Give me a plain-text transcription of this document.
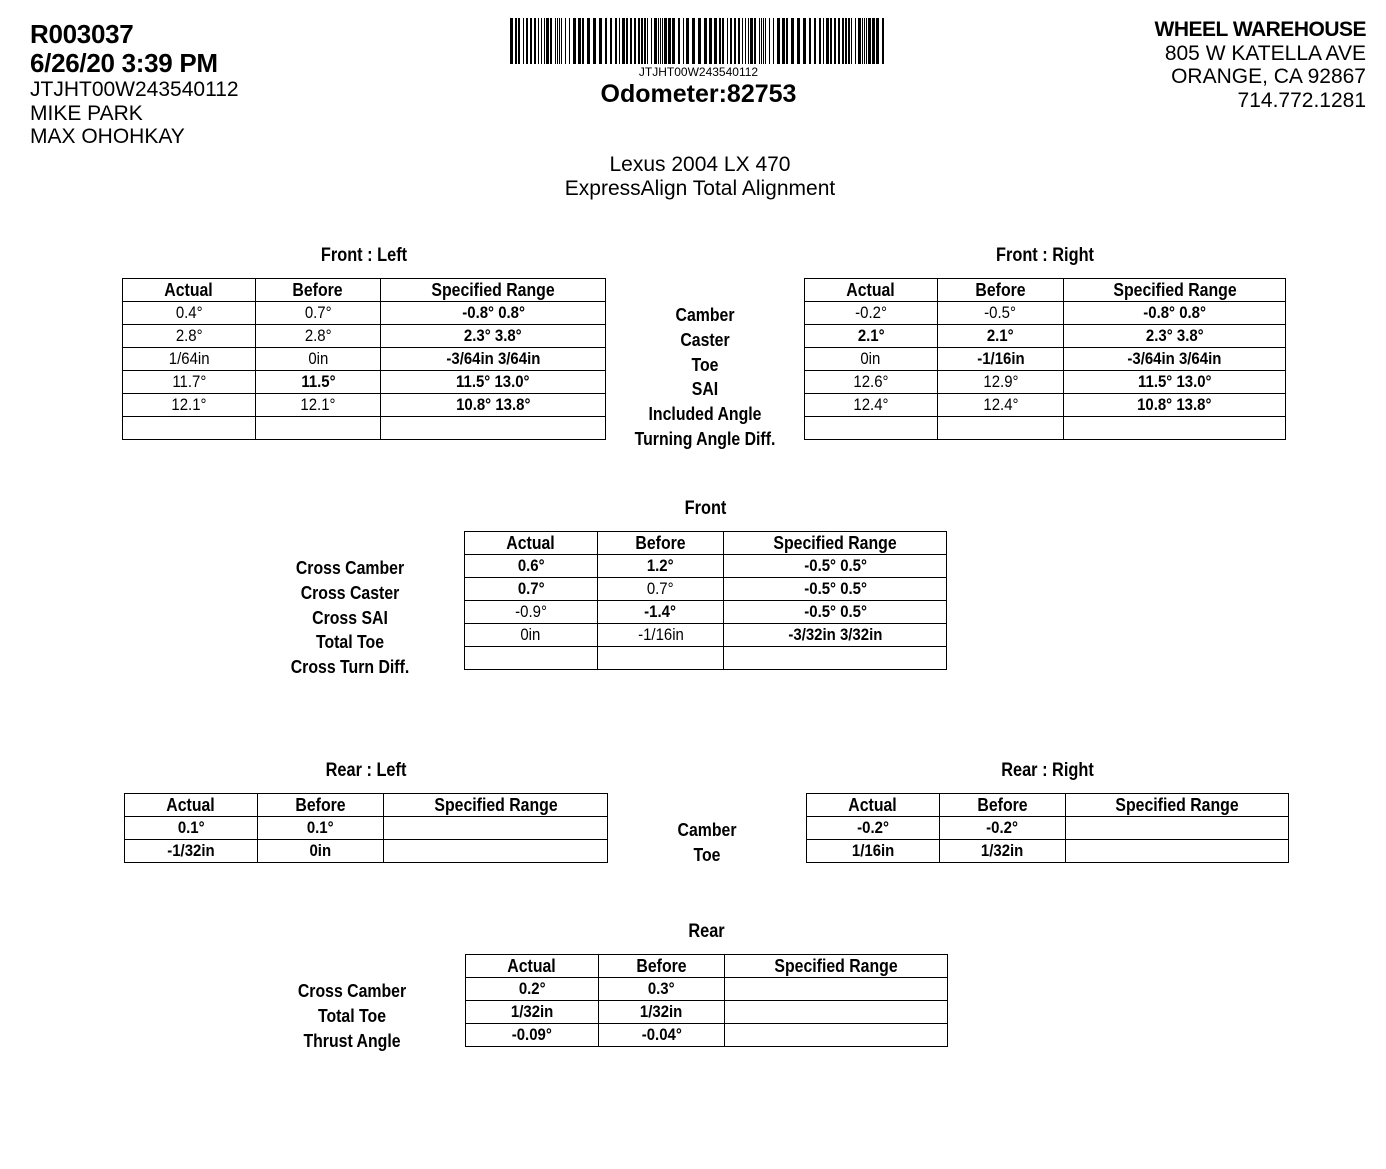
R003037
6/26/20 3:39 PM
JTJHT00W243540112
MIKE PARK
MAX OHOHKAY
JTJHT00W243540112
Odometer:82753
WHEEL WAREHOUSE
805 W KATELLA AVE
ORANGE, CA 92867
714.772.1281
Lexus 2004 LX 470
ExpressAlign Total Alignment
Front : Left
Actual	Before	Specified Range
0.4°	0.7°	-0.8° 0.8°
2.8°	2.8°	2.3° 3.8°
1/64in	0in	-3/64in 3/64in
11.7°	11.5°	11.5° 13.0°
12.1°	12.1°	10.8° 13.8°

Camber
Caster
Toe
SAI
Included Angle
Turning Angle Diff.
Front : Right
Actual	Before	Specified Range
-0.2°	-0.5°	-0.8° 0.8°
2.1°	2.1°	2.3° 3.8°
0in	-1/16in	-3/64in 3/64in
12.6°	12.9°	11.5° 13.0°
12.4°	12.4°	10.8° 13.8°

Front
Cross Camber
Cross Caster
Cross SAI
Total Toe
Cross Turn Diff.
Actual	Before	Specified Range
0.6°	1.2°	-0.5° 0.5°
0.7°	0.7°	-0.5° 0.5°
-0.9°	-1.4°	-0.5° 0.5°
0in	-1/16in	-3/32in 3/32in

Rear : Left
Actual	Before	Specified Range
0.1°	0.1°	
-1/32in	0in	
Camber
Toe
Rear : Right
Actual	Before	Specified Range
-0.2°	-0.2°	
1/16in	1/32in	
Rear
Cross Camber
Total Toe
Thrust Angle
Actual	Before	Specified Range
0.2°	0.3°	
1/32in	1/32in	
-0.09°	-0.04°	
